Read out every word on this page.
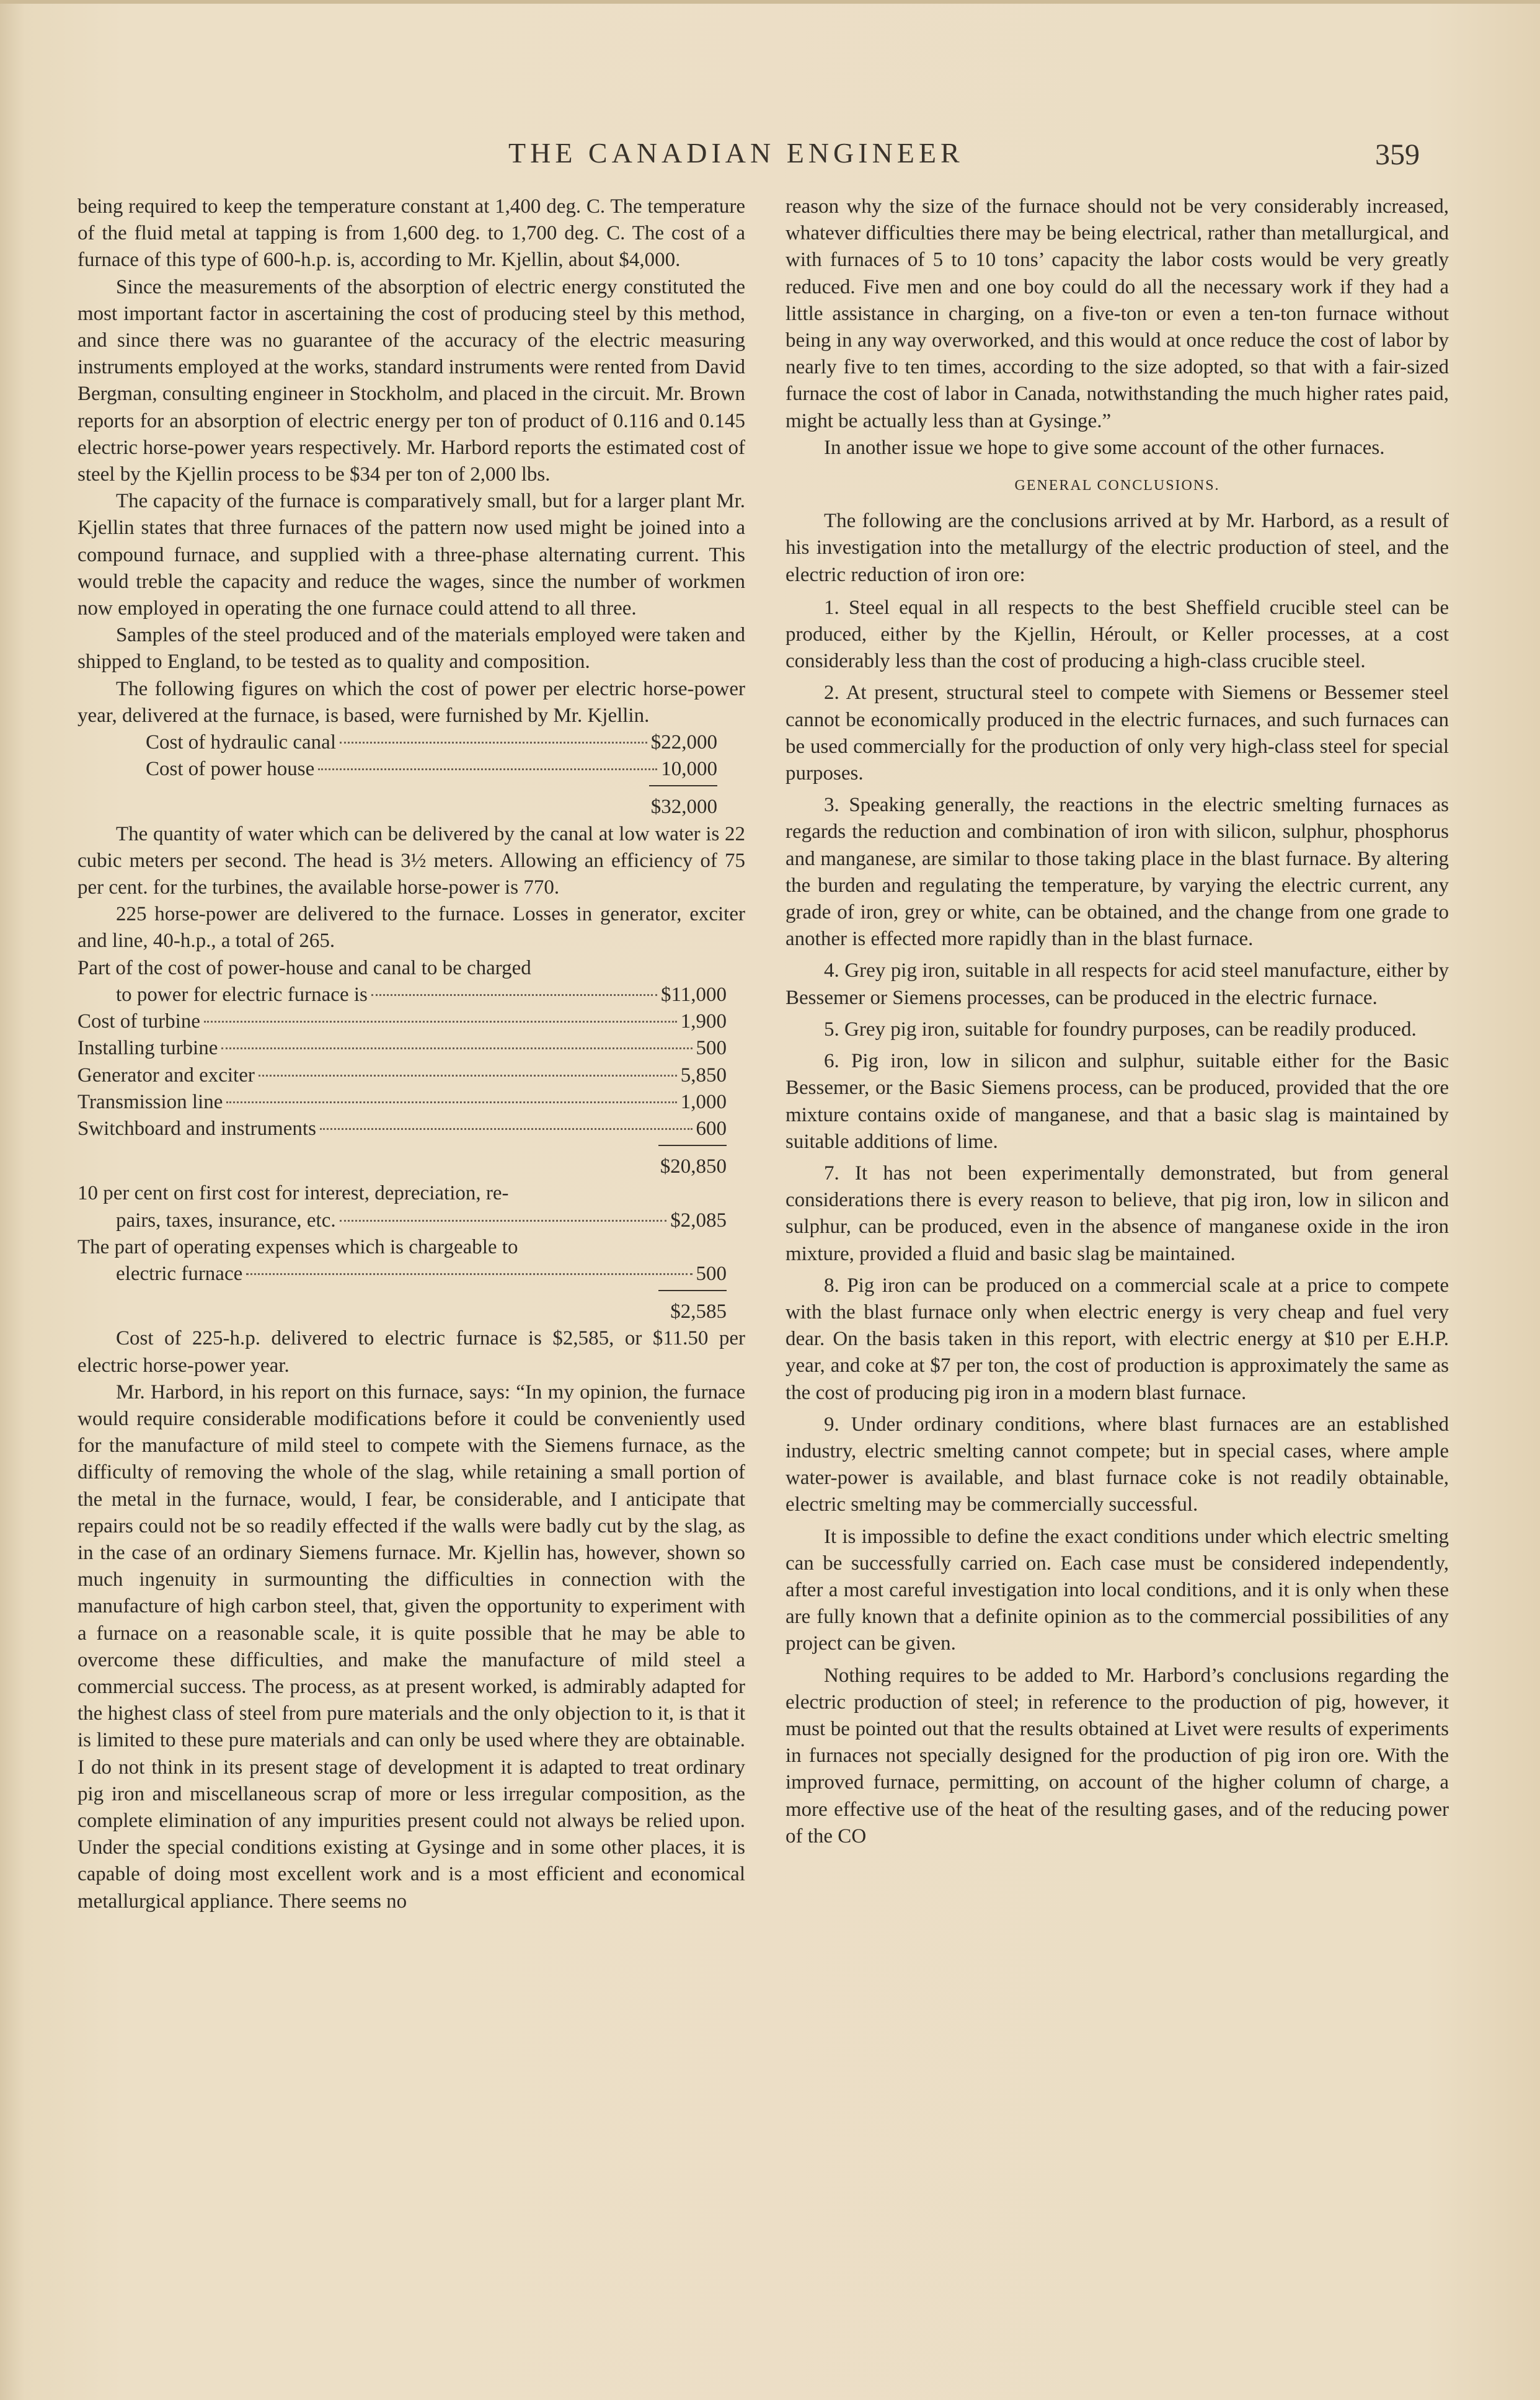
THE CANADIAN ENGINEER	359

being required to keep the temperature constant at 1,400 deg. C. The temperature of the fluid metal at tapping is from 1,600 deg. to 1,700 deg. C. The cost of a furnace of this type of 600-h.p. is, according to Mr. Kjellin, about $4,000.

Since the measurements of the absorption of electric energy constituted the most important factor in ascertaining the cost of producing steel by this method, and since there was no guarantee of the accuracy of the electric measuring instruments employed at the works, standard instruments were rented from David Bergman, consulting engineer in Stockholm, and placed in the circuit. Mr. Brown reports for an absorption of electric energy per ton of product of 0.116 and 0.145 electric horse-power years respectively. Mr. Harbord reports the estimated cost of steel by the Kjellin process to be $34 per ton of 2,000 lbs.

The capacity of the furnace is comparatively small, but for a larger plant Mr. Kjellin states that three furnaces of the pattern now used might be joined into a compound furnace, and supplied with a three-phase alternating current. This would treble the capacity and reduce the wages, since the number of workmen now employed in operating the one furnace could attend to all three.

Samples of the steel produced and of the materials employed were taken and shipped to England, to be tested as to quality and composition.

The following figures on which the cost of power per electric horse-power year, delivered at the furnace, is based, were furnished by Mr. Kjellin.

Cost of hydraulic canal	$22,000
Cost of power house	10,000
$32,000

The quantity of water which can be delivered by the canal at low water is 22 cubic meters per second. The head is 3½ meters. Allowing an efficiency of 75 per cent. for the turbines, the available horse-power is 770.

225 horse-power are delivered to the furnace. Losses in generator, exciter and line, 40-h.p., a total of 265.

Part of the cost of power-house and canal to be charged
to power for electric furnace is	$11,000
Cost of turbine	1,900
Installing turbine	500
Generator and exciter	5,850
Transmission line	1,000
Switchboard and instruments	600
$20,850
10 per cent on first cost for interest, depreciation, re-
pairs, taxes, insurance, etc.	$2,085
The part of operating expenses which is chargeable to
electric furnace	500
$2,585

Cost of 225-h.p. delivered to electric furnace is $2,585, or $11.50 per electric horse-power year.

Mr. Harbord, in his report on this furnace, says: “In my opinion, the furnace would require considerable modifications before it could be conveniently used for the manufacture of mild steel to compete with the Siemens furnace, as the difficulty of removing the whole of the slag, while retaining a small portion of the metal in the furnace, would, I fear, be considerable, and I anticipate that repairs could not be so readily effected if the walls were badly cut by the slag, as in the case of an ordinary Siemens furnace. Mr. Kjellin has, however, shown so much ingenuity in surmounting the difficulties in connection with the manufacture of high carbon steel, that, given the opportunity to experiment with a furnace on a reasonable scale, it is quite possible that he may be able to overcome these difficulties, and make the manufacture of mild steel a commercial success. The process, as at present worked, is admirably adapted for the highest class of steel from pure materials and the only objection to it, is that it is limited to these pure materials and can only be used where they are obtainable. I do not think in its present stage of development it is adapted to treat ordinary pig iron and miscellaneous scrap of more or less irregular composition, as the complete elimination of any impurities present could not always be relied upon. Under the special conditions existing at Gysinge and in some other places, it is capable of doing most excellent work and is a most efficient and economical metallurgical appliance. There seems no

reason why the size of the furnace should not be very considerably increased, whatever difficulties there may be being electrical, rather than metallurgical, and with furnaces of 5 to 10 tons’ capacity the labor costs would be very greatly reduced. Five men and one boy could do all the necessary work if they had a little assistance in charging, on a five-ton or even a ten-ton furnace without being in any way overworked, and this would at once reduce the cost of labor by nearly five to ten times, according to the size adopted, so that with a fair-sized furnace the cost of labor in Canada, notwithstanding the much higher rates paid, might be actually less than at Gysinge.”

In another issue we hope to give some account of the other furnaces.

GENERAL CONCLUSIONS.

The following are the conclusions arrived at by Mr. Harbord, as a result of his investigation into the metallurgy of the electric production of steel, and the electric reduction of iron ore:

1. Steel equal in all respects to the best Sheffield crucible steel can be produced, either by the Kjellin, Héroult, or Keller processes, at a cost considerably less than the cost of producing a high-class crucible steel.

2. At present, structural steel to compete with Siemens or Bessemer steel cannot be economically produced in the electric furnaces, and such furnaces can be used commercially for the production of only very high-class steel for special purposes.

3. Speaking generally, the reactions in the electric smelting furnaces as regards the reduction and combination of iron with silicon, sulphur, phosphorus and manganese, are similar to those taking place in the blast furnace. By altering the burden and regulating the temperature, by varying the electric current, any grade of iron, grey or white, can be obtained, and the change from one grade to another is effected more rapidly than in the blast furnace.

4. Grey pig iron, suitable in all respects for acid steel manufacture, either by Bessemer or Siemens processes, can be produced in the electric furnace.

5. Grey pig iron, suitable for foundry purposes, can be readily produced.

6. Pig iron, low in silicon and sulphur, suitable either for the Basic Bessemer, or the Basic Siemens process, can be produced, provided that the ore mixture contains oxide of manganese, and that a basic slag is maintained by suitable additions of lime.

7. It has not been experimentally demonstrated, but from general considerations there is every reason to believe, that pig iron, low in silicon and sulphur, can be produced, even in the absence of manganese oxide in the iron mixture, provided a fluid and basic slag be maintained.

8. Pig iron can be produced on a commercial scale at a price to compete with the blast furnace only when electric energy is very cheap and fuel very dear. On the basis taken in this report, with electric energy at $10 per E.H.P. year, and coke at $7 per ton, the cost of production is approximately the same as the cost of producing pig iron in a modern blast furnace.

9. Under ordinary conditions, where blast furnaces are an established industry, electric smelting cannot compete; but in special cases, where ample water-power is available, and blast furnace coke is not readily obtainable, electric smelting may be commercially successful.

It is impossible to define the exact conditions under which electric smelting can be successfully carried on. Each case must be considered independently, after a most careful investigation into local conditions, and it is only when these are fully known that a definite opinion as to the commercial possibilities of any project can be given.

Nothing requires to be added to Mr. Harbord’s conclusions regarding the electric production of steel; in reference to the production of pig, however, it must be pointed out that the results obtained at Livet were results of experiments in furnaces not specially designed for the production of pig iron ore. With the improved furnace, permitting, on account of the higher column of charge, a more effective use of the heat of the resulting gases, and of the reducing power of the CO
